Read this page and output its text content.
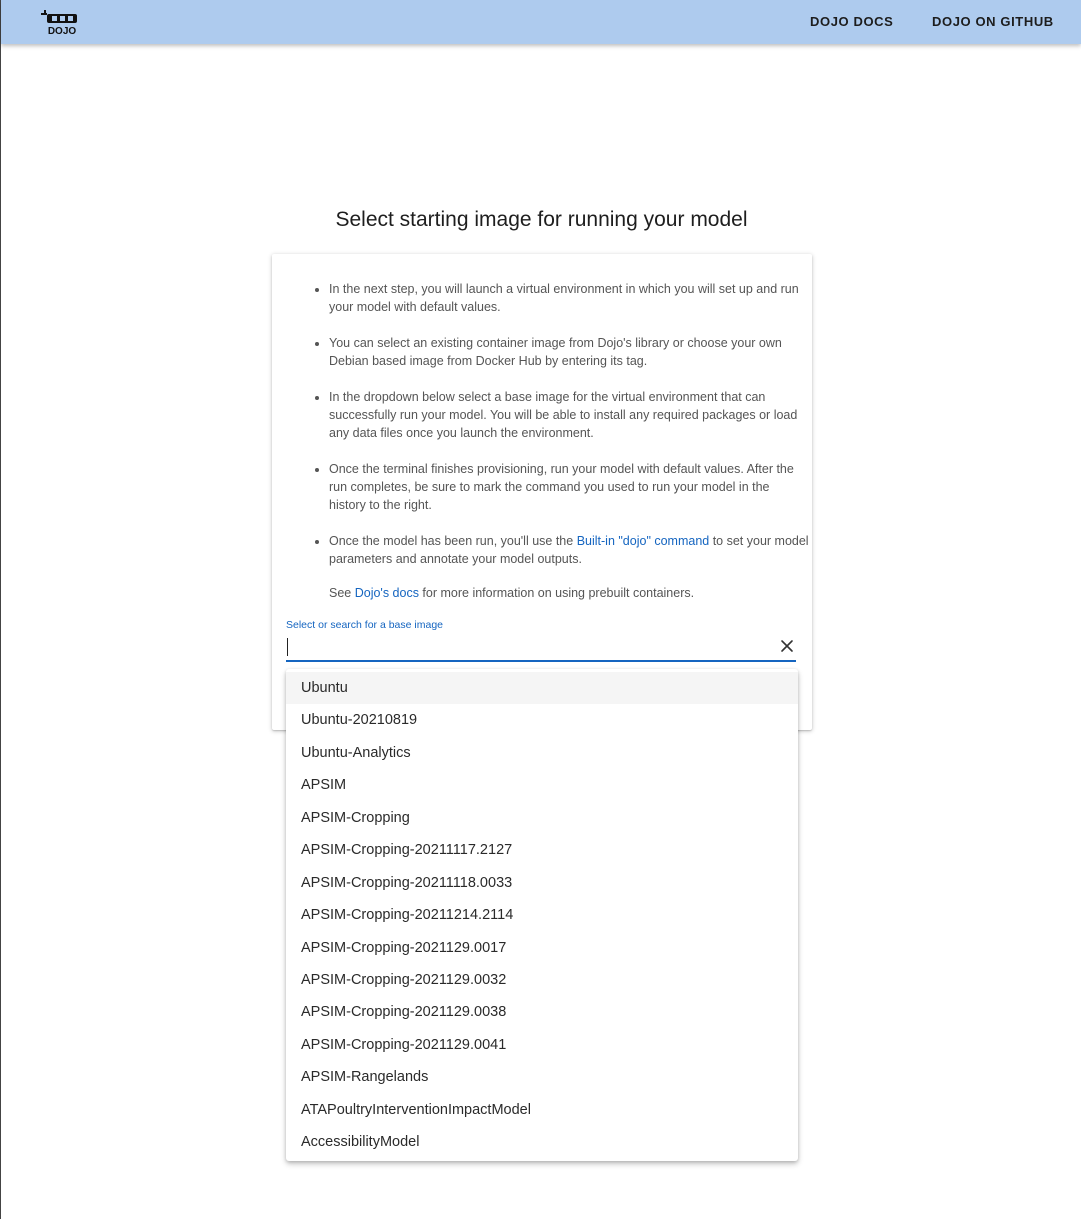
DOJO
DOJO DOCS	DOJO ON GITHUB
Select starting image for running your model
• In the next step, you will launch a virtual environment in which you will set up and run your model with default values.
• You can select an existing container image from Dojo's library or choose your own Debian based image from Docker Hub by entering its tag.
• In the dropdown below select a base image for the virtual environment that can successfully run your model. You will be able to install any required packages or load any data files once you launch the environment.
• Once the terminal finishes provisioning, run your model with default values. After the run completes, be sure to mark the command you used to run your model in the history to the right.
• Once the model has been run, you'll use the Built-in "dojo" command to set your model parameters and annotate your model outputs.
See Dojo's docs for more information on using prebuilt containers.
Select or search for a base image
Ubuntu
Ubuntu-20210819
Ubuntu-Analytics
APSIM
APSIM-Cropping
APSIM-Cropping-20211117.2127
APSIM-Cropping-20211118.0033
APSIM-Cropping-20211214.2114
APSIM-Cropping-2021129.0017
APSIM-Cropping-2021129.0032
APSIM-Cropping-2021129.0038
APSIM-Cropping-2021129.0041
APSIM-Rangelands
ATAPoultryInterventionImpactModel
AccessibilityModel
